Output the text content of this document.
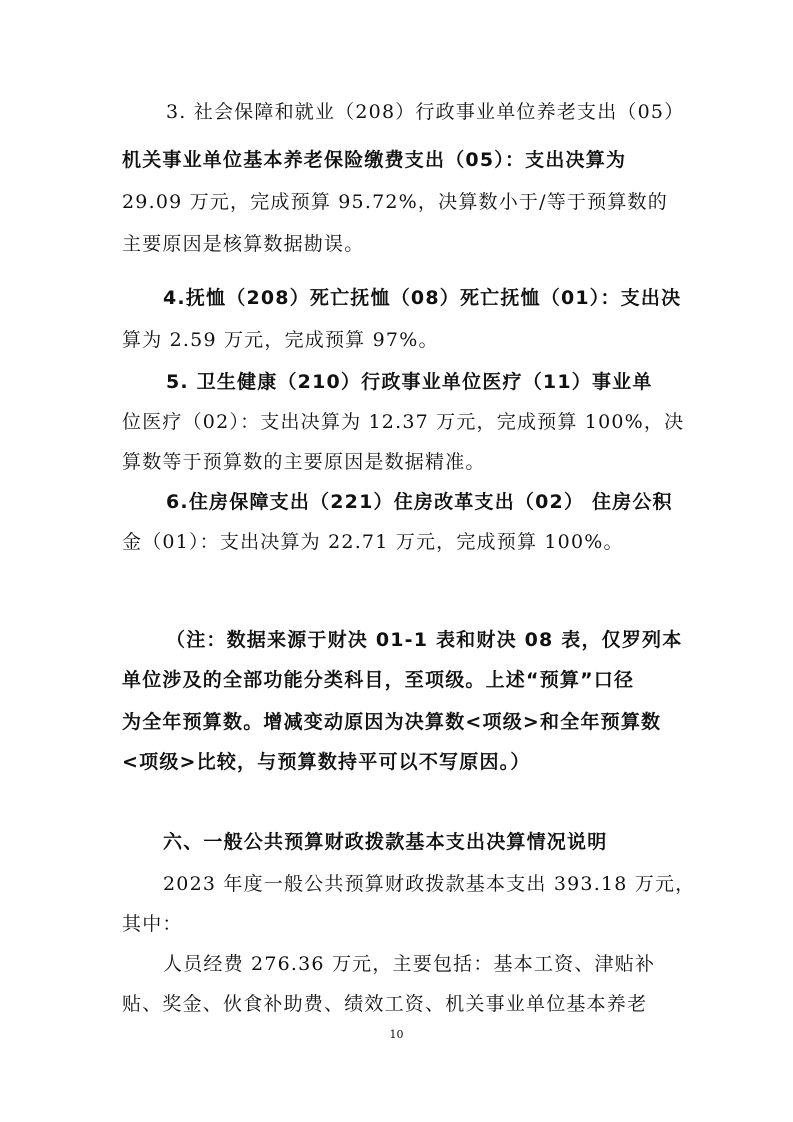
3. 社会保障和就业（208）行政事业单位养老支出（05）
机关事业单位基本养老保险缴费支出（05）：支出决算为
29.09 万元，完成预算 95.72%，决算数小于/等于预算数的
主要原因是核算数据勘误。
4.抚恤（208）死亡抚恤（08）死亡抚恤（01）：支出决
算为 2.59 万元，完成预算 97%。
5. 卫生健康（210）行政事业单位医疗（11）事业单
位医疗（02）：支出决算为 12.37 万元，完成预算 100%，决
算数等于预算数的主要原因是数据精准。
6.住房保障支出（221）住房改革支出（02） 住房公积
金（01）：支出决算为 22.71 万元，完成预算 100%。
（注：数据来源于财决 01-1 表和财决 08 表，仅罗列本
单位涉及的全部功能分类科目，至项级。上述“预算”口径
为全年预算数。增减变动原因为决算数<项级>和全年预算数
<项级>比较，与预算数持平可以不写原因。）
六、一般公共预算财政拨款基本支出决算情况说明
2023 年度一般公共预算财政拨款基本支出 393.18 万元，
其中：
人员经费 276.36 万元，主要包括：基本工资、津贴补
贴、奖金、伙食补助费、绩效工资、机关事业单位基本养老
10
